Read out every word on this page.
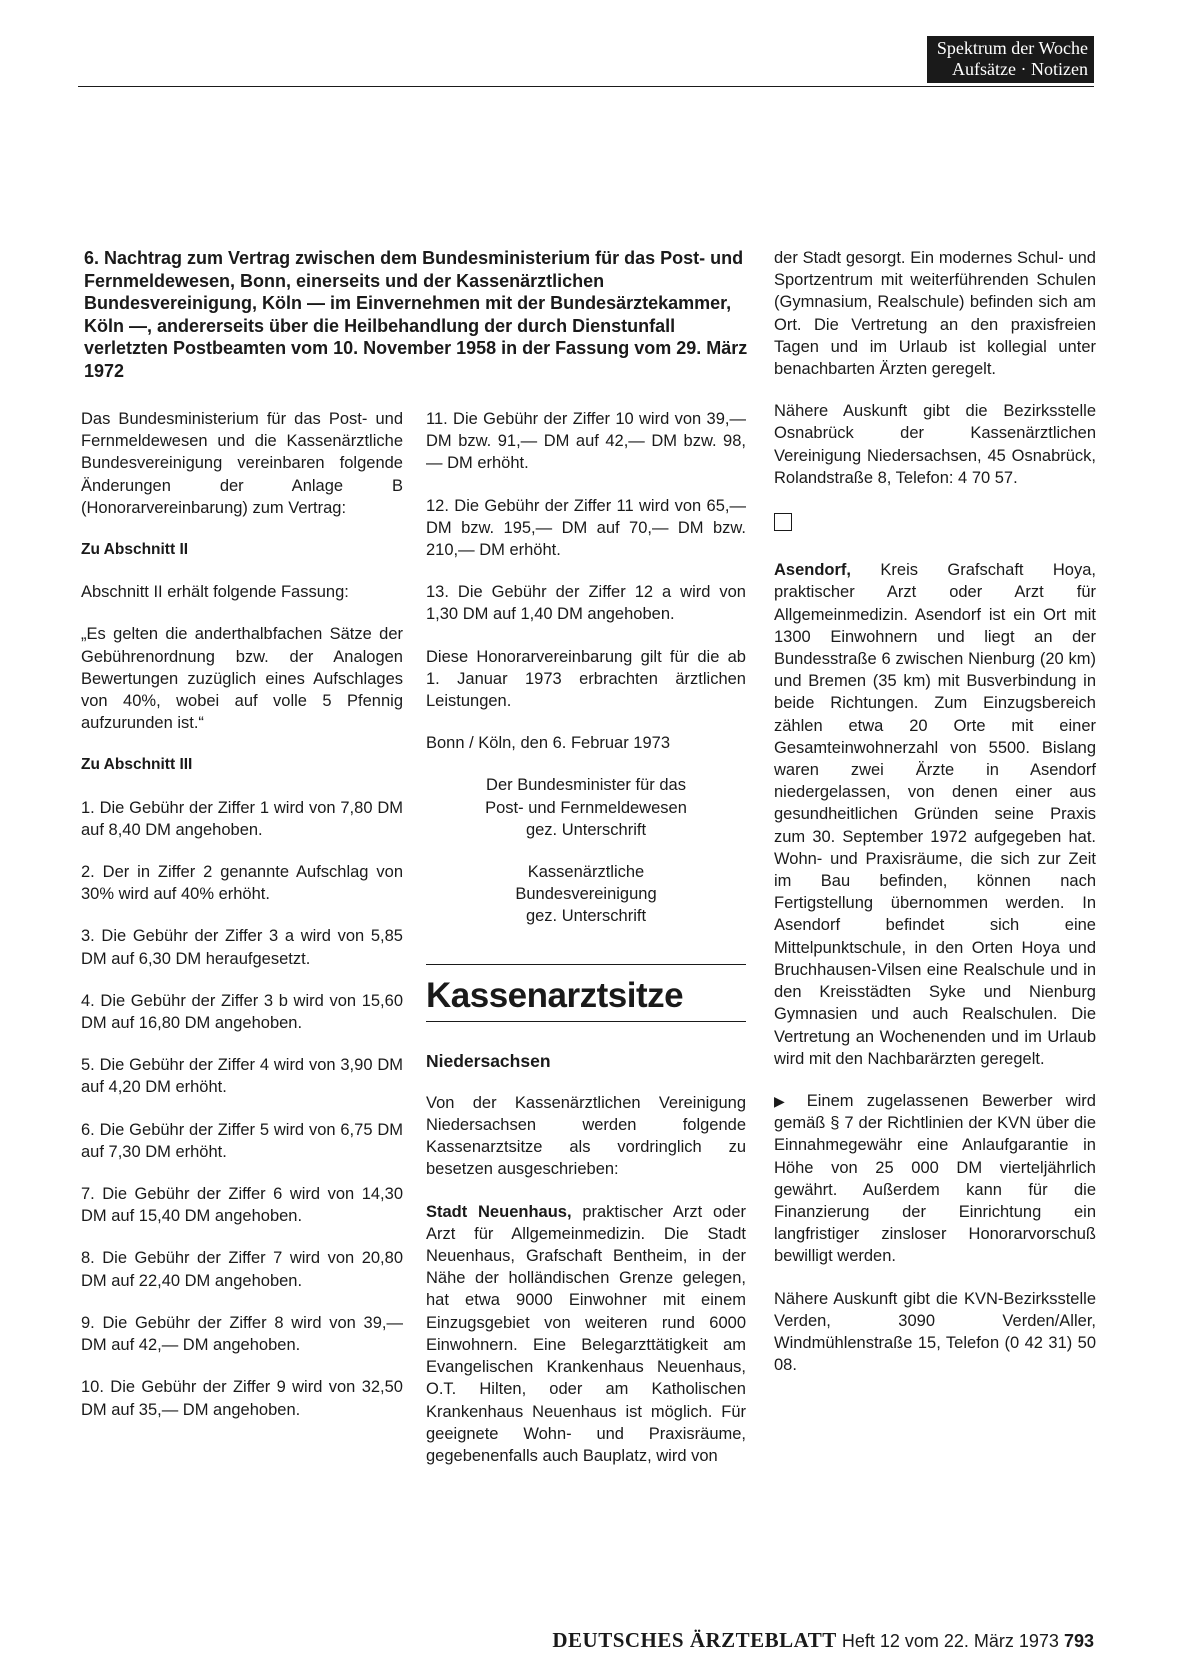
Spektrum der Woche
Aufsätze · Notizen
6. Nachtrag zum Vertrag zwischen dem Bundesministerium für das Post- und Fernmeldewesen, Bonn, einerseits und der Kassenärztlichen Bundesvereinigung, Köln — im Einvernehmen mit der Bundesärztekammer, Köln —, andererseits über die Heilbehandlung der durch Dienstunfall verletzten Postbeamten vom 10. November 1958 in der Fassung vom 29. März 1972

Das Bundesministerium für das Post- und Fernmeldewesen und die Kassenärztliche Bundesvereinigung vereinbaren folgende Änderungen der Anlage B (Honorarvereinbarung) zum Vertrag:

Zu Abschnitt II

Abschnitt II erhält folgende Fassung:

„Es gelten die anderthalbfachen Sätze der Gebührenordnung bzw. der Analogen Bewertungen zuzüglich eines Aufschlages von 40%, wobei auf volle 5 Pfennig aufzurunden ist.“

Zu Abschnitt III

1. Die Gebühr der Ziffer 1 wird von 7,80 DM auf 8,40 DM angehoben.

2. Der in Ziffer 2 genannte Aufschlag von 30% wird auf 40% erhöht.

3. Die Gebühr der Ziffer 3 a wird von 5,85 DM auf 6,30 DM heraufgesetzt.

4. Die Gebühr der Ziffer 3 b wird von 15,60 DM auf 16,80 DM angehoben.

5. Die Gebühr der Ziffer 4 wird von 3,90 DM auf 4,20 DM erhöht.

6. Die Gebühr der Ziffer 5 wird von 6,75 DM auf 7,30 DM erhöht.

7. Die Gebühr der Ziffer 6 wird von 14,30 DM auf 15,40 DM angehoben.

8. Die Gebühr der Ziffer 7 wird von 20,80 DM auf 22,40 DM angehoben.

9. Die Gebühr der Ziffer 8 wird von 39,— DM auf 42,— DM angehoben.

10. Die Gebühr der Ziffer 9 wird von 32,50 DM auf 35,— DM angehoben.

11. Die Gebühr der Ziffer 10 wird von 39,— DM bzw. 91,— DM auf 42,— DM bzw. 98,— DM erhöht.

12. Die Gebühr der Ziffer 11 wird von 65,— DM bzw. 195,— DM auf 70,— DM bzw. 210,— DM erhöht.

13. Die Gebühr der Ziffer 12 a wird von 1,30 DM auf 1,40 DM angehoben.

Diese Honorarvereinbarung gilt für die ab 1. Januar 1973 erbrachten ärztlichen Leistungen.

Bonn / Köln, den 6. Februar 1973

Der Bundesminister für das
Post- und Fernmeldewesen
gez. Unterschrift

Kassenärztliche
Bundesvereinigung
gez. Unterschrift

Kassenarztsitze
Niedersachsen

Von der Kassenärztlichen Vereinigung Niedersachsen werden folgende Kassenarztsitze als vordringlich zu besetzen ausgeschrieben:

Stadt Neuenhaus, praktischer Arzt oder Arzt für Allgemeinmedizin. Die Stadt Neuenhaus, Grafschaft Bentheim, in der Nähe der holländischen Grenze gelegen, hat etwa 9000 Einwohner mit einem Einzugsgebiet von weiteren rund 6000 Einwohnern. Eine Belegarzttätigkeit am Evangelischen Krankenhaus Neuenhaus, O.T. Hilten, oder am Katholischen Krankenhaus Neuenhaus ist möglich. Für geeignete Wohn- und Praxisräume, gegebenenfalls auch Bauplatz, wird von

der Stadt gesorgt. Ein modernes Schul- und Sportzentrum mit weiterführenden Schulen (Gymnasium, Realschule) befinden sich am Ort. Die Vertretung an den praxisfreien Tagen und im Urlaub ist kollegial unter benachbarten Ärzten geregelt.

Nähere Auskunft gibt die Bezirksstelle Osnabrück der Kassenärztlichen Vereinigung Niedersachsen, 45 Osnabrück, Rolandstraße 8, Telefon: 4 70 57.

Asendorf, Kreis Grafschaft Hoya, praktischer Arzt oder Arzt für Allgemeinmedizin. Asendorf ist ein Ort mit 1300 Einwohnern und liegt an der Bundesstraße 6 zwischen Nienburg (20 km) und Bremen (35 km) mit Busverbindung in beide Richtungen. Zum Einzugsbereich zählen etwa 20 Orte mit einer Gesamteinwohnerzahl von 5500. Bislang waren zwei Ärzte in Asendorf niedergelassen, von denen einer aus gesundheitlichen Gründen seine Praxis zum 30. September 1972 aufgegeben hat. Wohn- und Praxisräume, die sich zur Zeit im Bau befinden, können nach Fertigstellung übernommen werden. In Asendorf befindet sich eine Mittelpunktschule, in den Orten Hoya und Bruchhausen-Vilsen eine Realschule und in den Kreisstädten Syke und Nienburg Gymnasien und auch Realschulen. Die Vertretung an Wochenenden und im Urlaub wird mit den Nachbarärzten geregelt.

▶ Einem zugelassenen Bewerber wird gemäß § 7 der Richtlinien der KVN über die Einnahmegewähr eine Anlaufgarantie in Höhe von 25 000 DM vierteljährlich gewährt. Außerdem kann für die Finanzierung der Einrichtung ein langfristiger zinsloser Honorarvorschuß bewilligt werden.

Nähere Auskunft gibt die KVN-Bezirksstelle Verden, 3090 Verden/Aller, Windmühlenstraße 15, Telefon (0 42 31) 50 08.

DEUTSCHES ÄRZTEBLATT Heft 12 vom 22. März 1973 793
